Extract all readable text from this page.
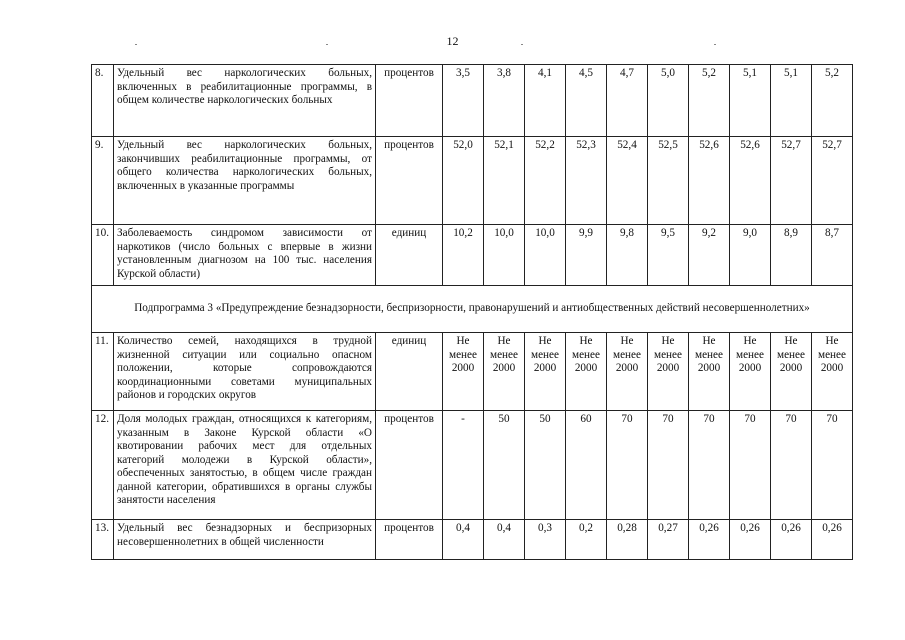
12
8.	Удельный вес наркологических больных, включенных в реабилитационные программы, в общем количестве наркологических больных	процентов	3,5	3,8	4,1	4,5	4,7	5,0	5,2	5,1	5,1	5,2
9.	Удельный вес наркологических больных, закончивших реабилитационные программы, от общего количества наркологических больных, включенных в указанные программы	процентов	52,0	52,1	52,2	52,3	52,4	52,5	52,6	52,6	52,7	52,7
10.	Заболеваемость синдромом зависимости от наркотиков (число больных с впервые в жизни установленным диагнозом на 100 тыс. населения Курской области)	единиц	10,2	10,0	10,0	9,9	9,8	9,5	9,2	9,0	8,9	8,7
Подпрограмма 3 «Предупреждение безнадзорности, беспризорности, правонарушений и антиобщественных действий несовершеннолетних»												
11.	Количество семей, находящихся в трудной жизненной ситуации или социально опасном положении, которые сопровождаются координационными советами муниципальных районов и городских округов	единиц	Не менее 2000	Не менее 2000	Не менее 2000	Не менее 2000	Не менее 2000	Не менее 2000	Не менее 2000	Не менее 2000	Не менее 2000	Не менее 2000
12.	Доля молодых граждан, относящихся к категориям, указанным в Законе Курской области «О квотировании рабочих мест для отдельных категорий молодежи в Курской области», обеспеченных занятостью, в общем числе граждан данной категории, обратившихся в органы службы занятости населения	процентов	-	50	50	60	70	70	70	70	70	70
13.	Удельный вес безнадзорных и беспризорных несовершеннолетних в общей численности	процентов	0,4	0,4	0,3	0,2	0,28	0,27	0,26	0,26	0,26	0,26
